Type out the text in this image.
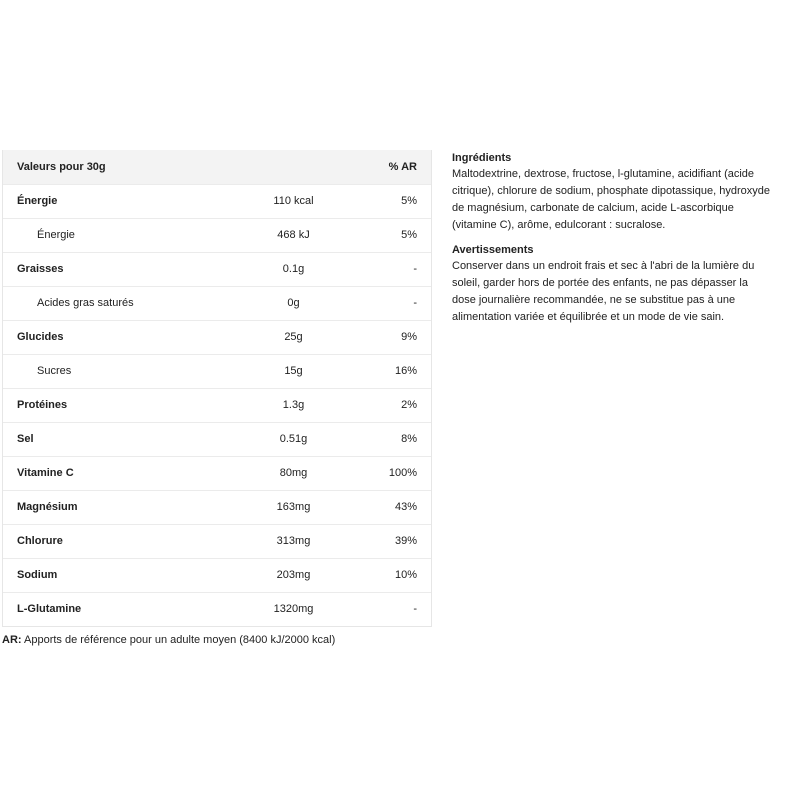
Valeurs pour 30g		% AR
Énergie	110 kcal	5%
Énergie	468 kJ	5%
Graisses	0.1g	-
Acides gras saturés	0g	-
Glucides	25g	9%
Sucres	15g	16%
Protéines	1.3g	2%
Sel	0.51g	8%
Vitamine C	80mg	100%
Magnésium	163mg	43%
Chlorure	313mg	39%
Sodium	203mg	10%
L-Glutamine	1320mg	-
AR: Apports de référence pour un adulte moyen (8400 kJ/2000 kcal)
Ingrédients

Maltodextrine, dextrose, fructose, l-glutamine, acidifiant (acide citrique), chlorure de sodium, phosphate dipotassique, hydroxyde de magnésium, carbonate de calcium, acide L-ascorbique (vitamine C), arôme, edulcorant : sucralose.

Avertissements

Conserver dans un endroit frais et sec à l'abri de la lumière du soleil, garder hors de portée des enfants, ne pas dépasser la dose journalière recommandée, ne se substitue pas à une alimentation variée et équilibrée et un mode de vie sain.
